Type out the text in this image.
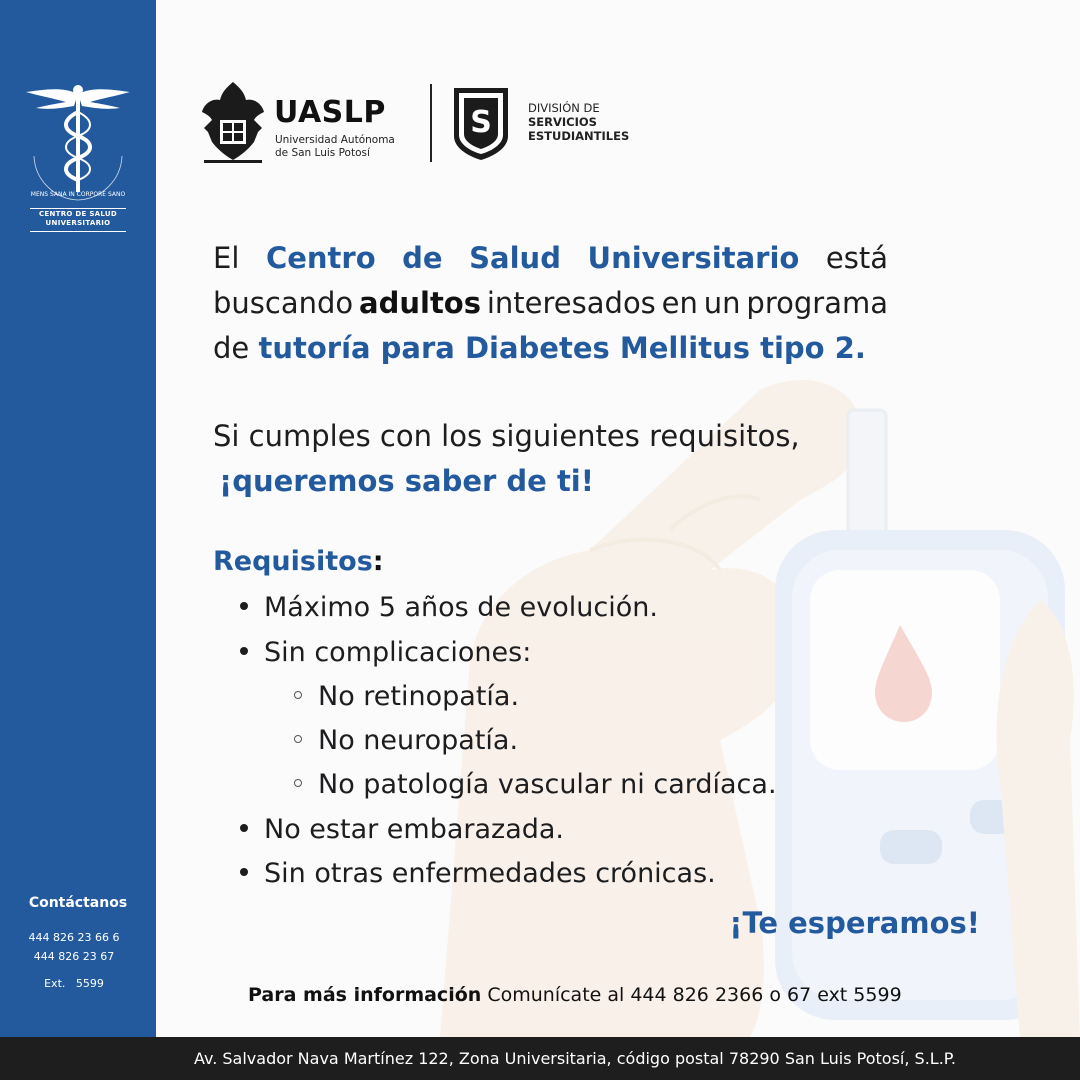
MENS SANA IN CORPORE SANO
CENTRO DE SALUD
UNIVERSITARIO
Contáctanos
444 826 23 66 6
444 826 23 67
Ext.   5599
UASLP
Universidad Autónoma
de San Luis Potosí
S	DIVISIÓN DE
SERVICIOS
ESTUDIANTILES
El Centro de Salud Universitario está
buscando adultos interesados en un programa
de tutoría para Diabetes Mellitus tipo 2.
Si cumples con los siguientes requisitos,
¡queremos saber de ti!
Requisitos:
Máximo 5 años de evolución.
Sin complicaciones:
No retinopatía.
No neuropatía.
No patología vascular ni cardíaca.
No estar embarazada.
Sin otras enfermedades crónicas.
¡Te esperamos!
Para más información Comunícate al 444 826 2366 o 67 ext 5599
Av. Salvador Nava Martínez 122, Zona Universitaria, código postal 78290 San Luis Potosí, S.L.P.
